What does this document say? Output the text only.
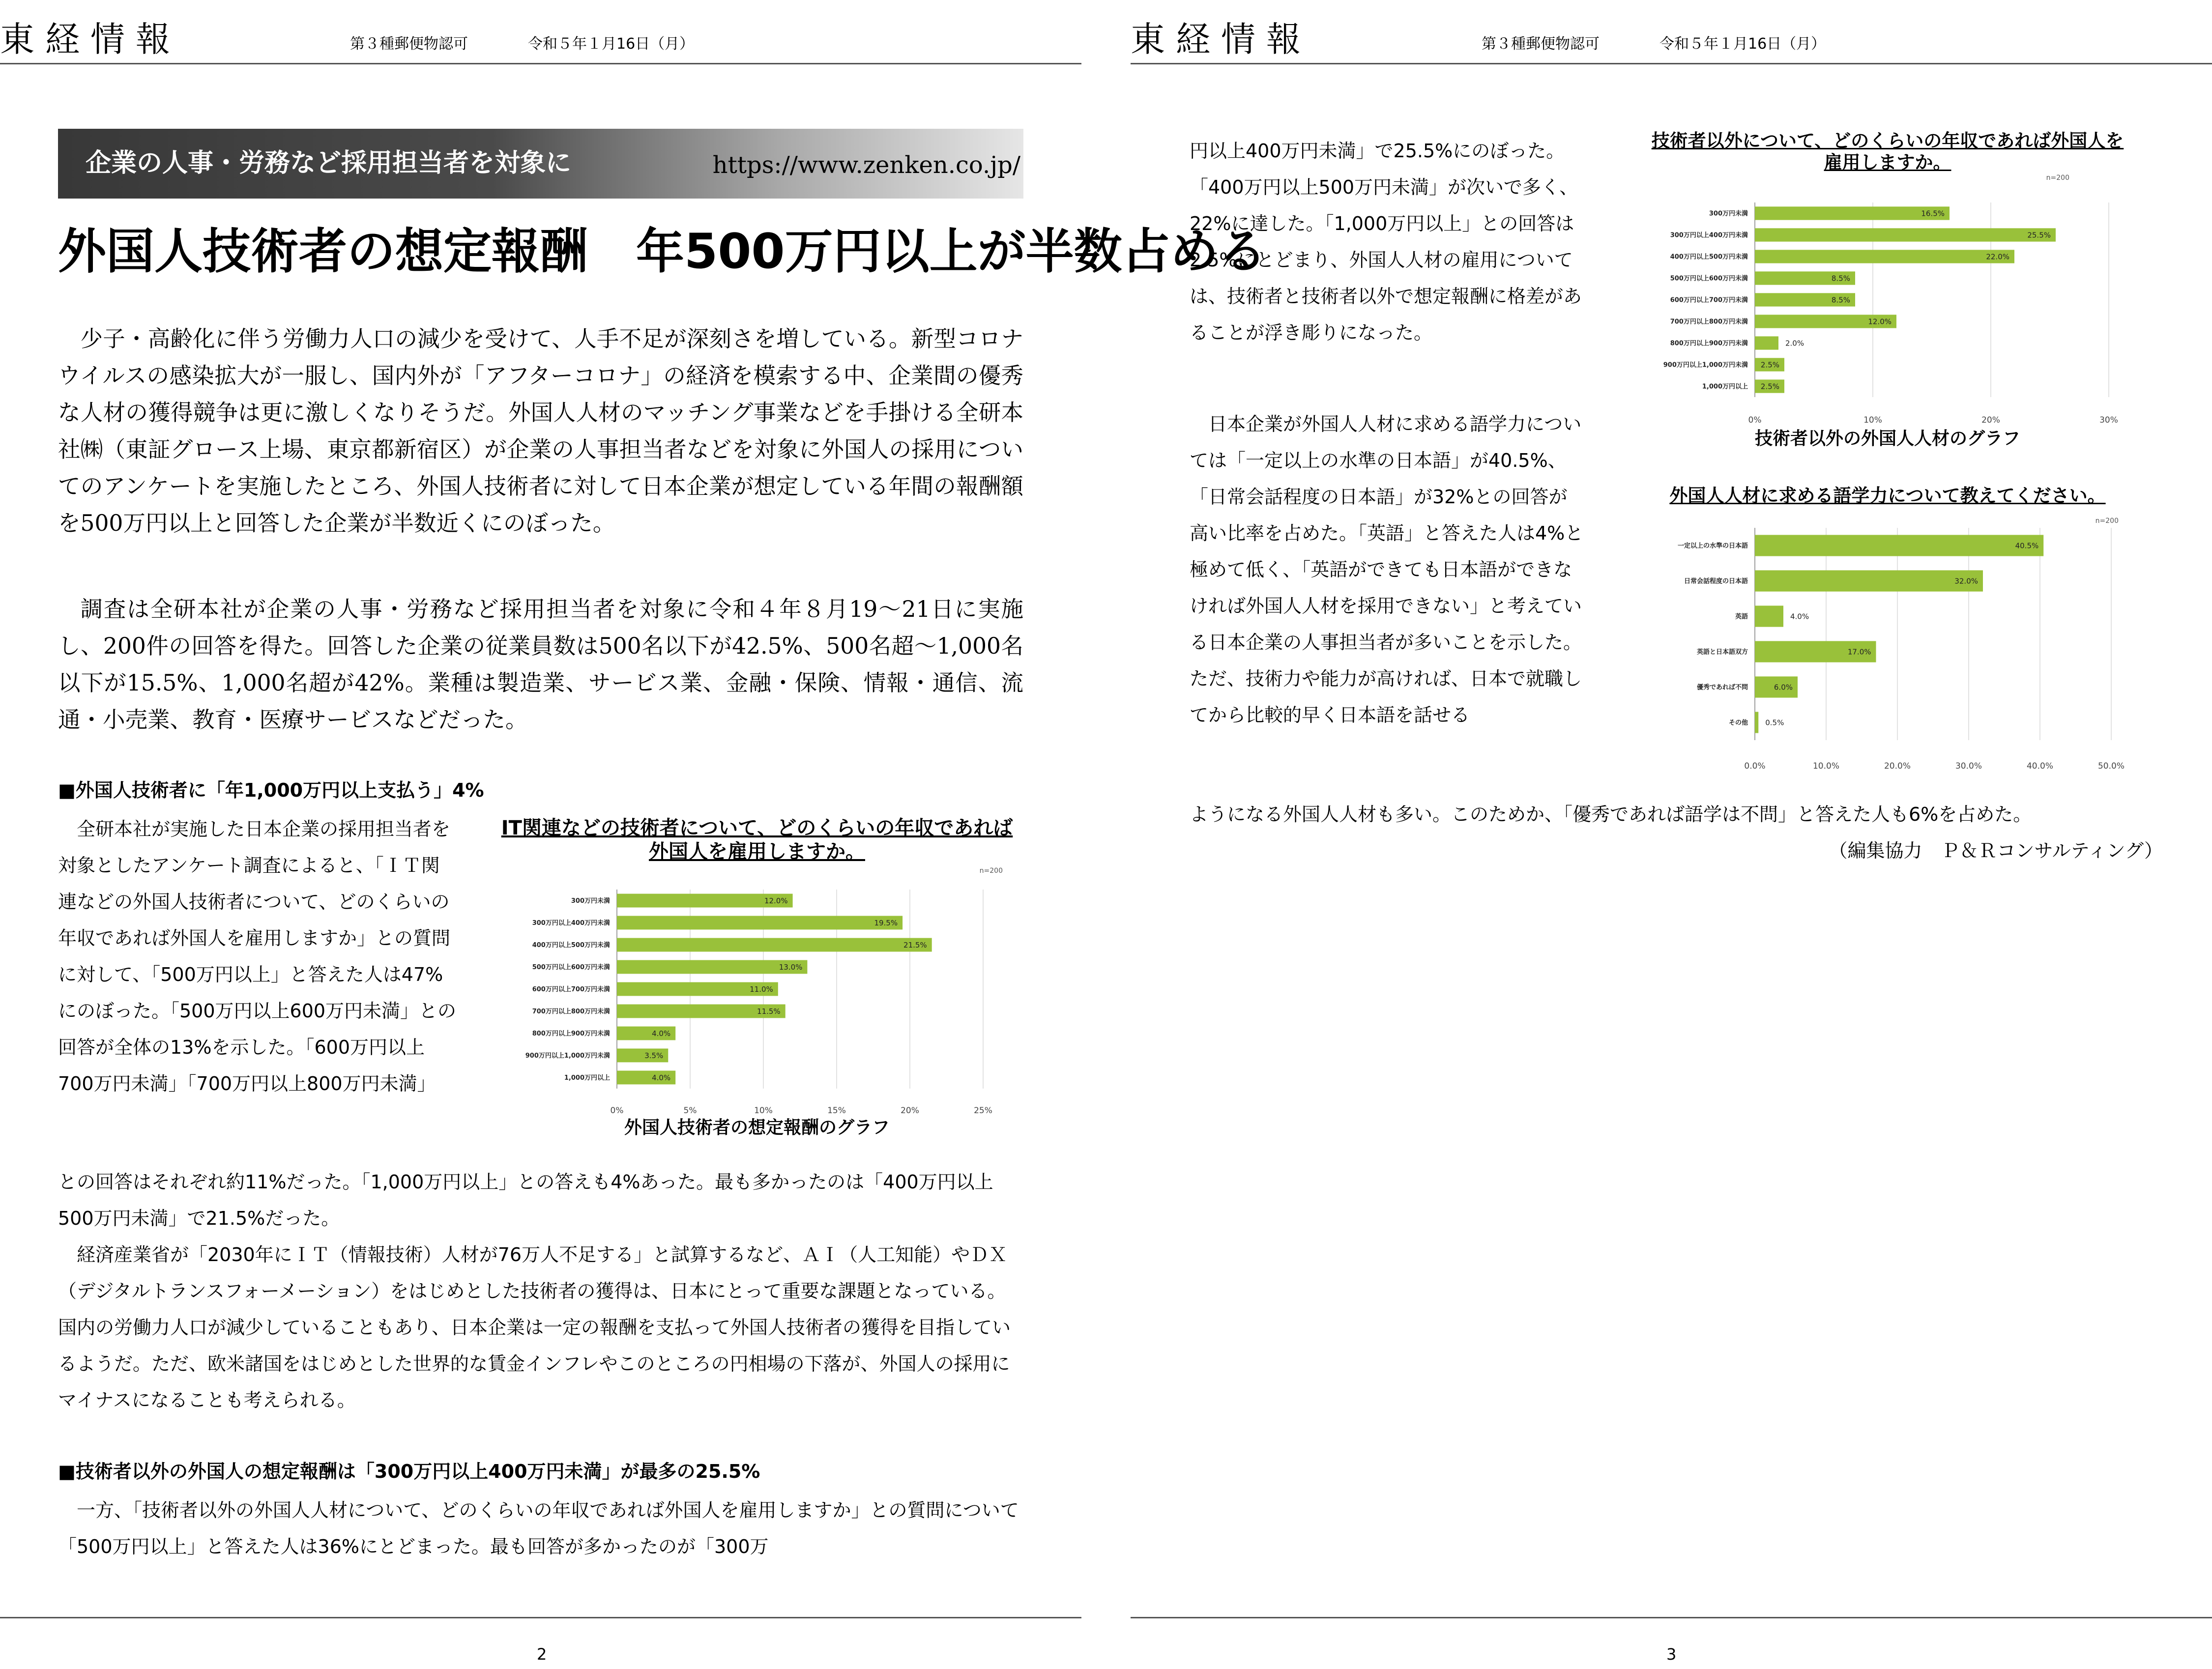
東経情報	第３種郵便物認可	令和５年１月16日（月）
企業の人事・労務など採用担当者を対象に	https://www.zenken.co.jp/
外国人技術者の想定報酬　年500万円以上が半数占める

少子・高齢化に伴う労働力人口の減少を受けて、人手不足が深刻さを増している。新型コロナウイルスの感染拡大が一服し、国内外が「アフターコロナ」の経済を模索する中、企業間の優秀な人材の獲得競争は更に激しくなりそうだ。外国人人材のマッチング事業などを手掛ける全研本社㈱（東証グロース上場、東京都新宿区）が企業の人事担当者などを対象に外国人の採用についてのアンケートを実施したところ、外国人技術者に対して日本企業が想定している年間の報酬額を500万円以上と回答した企業が半数近くにのぼった。

調査は全研本社が企業の人事・労務など採用担当者を対象に令和４年８月19～21日に実施し、200件の回答を得た。回答した企業の従業員数は500名以下が42.5%、500名超～1,000名以下が15.5%、1,000名超が42%。業種は製造業、サービス業、金融・保険、情報・通信、流通・小売業、教育・医療サービスなどだった。

■外国人技術者に「年1,000万円以上支払う」4%

全研本社が実施した日本企業の採用担当者を対象としたアンケート調査によると、「ＩＴ関連などの外国人技術者について、どのくらいの年収であれば外国人を雇用しますか」との質問に対して、「500万円以上」と答えた人は47%にのぼった。「500万円以上600万円未満」との回答が全体の13%を示した。「600万円以上700万円未満」「700万円以上800万円未満」

との回答はそれぞれ約11%だった。「1,000万円以上」との答えも4%あった。最も多かったのは「400万円以上500万円未満」で21.5%だった。

経済産業省が「2030年にＩＴ（情報技術）人材が76万人不足する」と試算するなど、ＡＩ（人工知能）やＤＸ（デジタルトランスフォーメーション）をはじめとした技術者の獲得は、日本にとって重要な課題となっている。国内の労働力人口が減少していることもあり、日本企業は一定の報酬を支払って外国人技術者の獲得を目指しているようだ。ただ、欧米諸国をはじめとした世界的な賃金インフレやこのところの円相場の下落が、外国人の採用にマイナスになることも考えられる。

■技術者以外の外国人の想定報酬は「300万円以上400万円未満」が最多の25.5%

一方、「技術者以外の外国人人材について、どのくらいの年収であれば外国人を雇用しますか」との質問について「500万円以上」と答えた人は36%にとどまった。最も回答が多かったのが「300万

IT関連などの技術者について、どのくらいの年収であれば
外国人を雇用しますか。
n=200
0%	5%	10%	15%	20%	25%
300万円未満	12.0%
300万円以上400万円未満	19.5%
400万円以上500万円未満	21.5%
500万円以上600万円未満	13.0%
600万円以上700万円未満	11.0%
700万円以上800万円未満	11.5%
800万円以上900万円未満	4.0%
900万円以上1,000万円未満	3.5%
1,000万円以上	4.0%
外国人技術者の想定報酬のグラフ
2
東経情報	第３種郵便物認可	令和５年１月16日（月）

円以上400万円未満」で25.5%にのぼった。「400万円以上500万円未満」が次いで多く、22%に達した。「1,000万円以上」との回答は2.5%にとどまり、外国人人材の雇用については、技術者と技術者以外で想定報酬に格差があることが浮き彫りになった。

日本企業が外国人人材に求める語学力については「一定以上の水準の日本語」が40.5%、「日常会話程度の日本語」が32%との回答が高い比率を占めた。「英語」と答えた人は4%と極めて低く、「英語ができても日本語ができなければ外国人人材を採用できない」と考えている日本企業の人事担当者が多いことを示した。ただ、技術力や能力が高ければ、日本で就職してから比較的早く日本語を話せる

ようになる外国人人材も多い。このためか、「優秀であれば語学は不問」と答えた人も6%を占めた。

（編集協力　Ｐ＆Ｒコンサルティング）

技術者以外について、どのくらいの年収であれば外国人を
雇用しますか。
n=200
0%	10%	20%	30%
300万円未満	16.5%
300万円以上400万円未満	25.5%
400万円以上500万円未満	22.0%
500万円以上600万円未満	8.5%
600万円以上700万円未満	8.5%
700万円以上800万円未満	12.0%
800万円以上900万円未満	2.0%
900万円以上1,000万円未満 2.5%
1,000万円以上 2.5%
技術者以外の外国人人材のグラフ
外国人人材に求める語学力について教えてください。
n=200
0.0%	10.0%	20.0%	30.0%	40.0%	50.0%
一定以上の水準の日本語	40.5%
日常会話程度の日本語	32.0%
英語	4.0%
英語と日本語双方	17.0%
優秀であれば不問	6.0%
その他 0.5%
3
